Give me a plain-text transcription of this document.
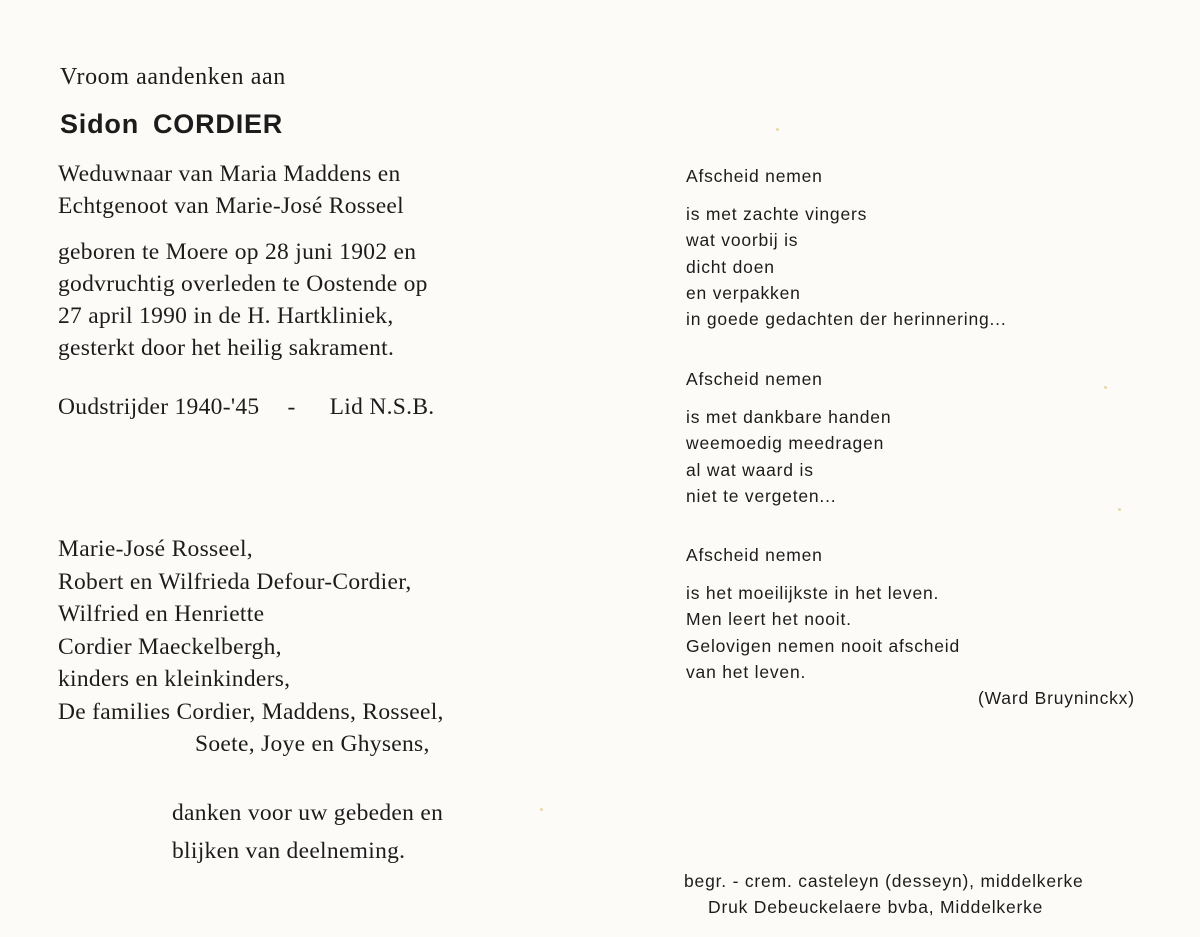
Vroom aandenken aan
Sidon CORDIER
Weduwnaar van Maria Maddens en
Echtgenoot van Marie-José Rosseel
geboren te Moere op 28 juni 1902 en
godvruchtig overleden te Oostende op
27 april 1990 in de H. Hartkliniek,
gesterkt door het heilig sakrament.
Oudstrijder 1940-'45 - Lid N.S.B.
Marie-José Rosseel,
Robert en Wilfrieda Defour-Cordier,
Wilfried en Henriette
Cordier Maeckelbergh,
kinders en kleinkinders,
De families Cordier, Maddens, Rosseel,
Soete, Joye en Ghysens,
danken voor uw gebeden en
blijken van deelneming.
Afscheid nemen
is met zachte vingers
wat voorbij is
dicht doen
en verpakken
in goede gedachten der herinnering...
Afscheid nemen
is met dankbare handen
weemoedig meedragen
al wat waard is
niet te vergeten...
Afscheid nemen
is het moeilijkste in het leven.
Men leert het nooit.
Gelovigen nemen nooit afscheid
van het leven.
(Ward Bruyninckx)
begr. - crem. casteleyn (desseyn), middelkerke
Druk Debeuckelaere bvba, Middelkerke
